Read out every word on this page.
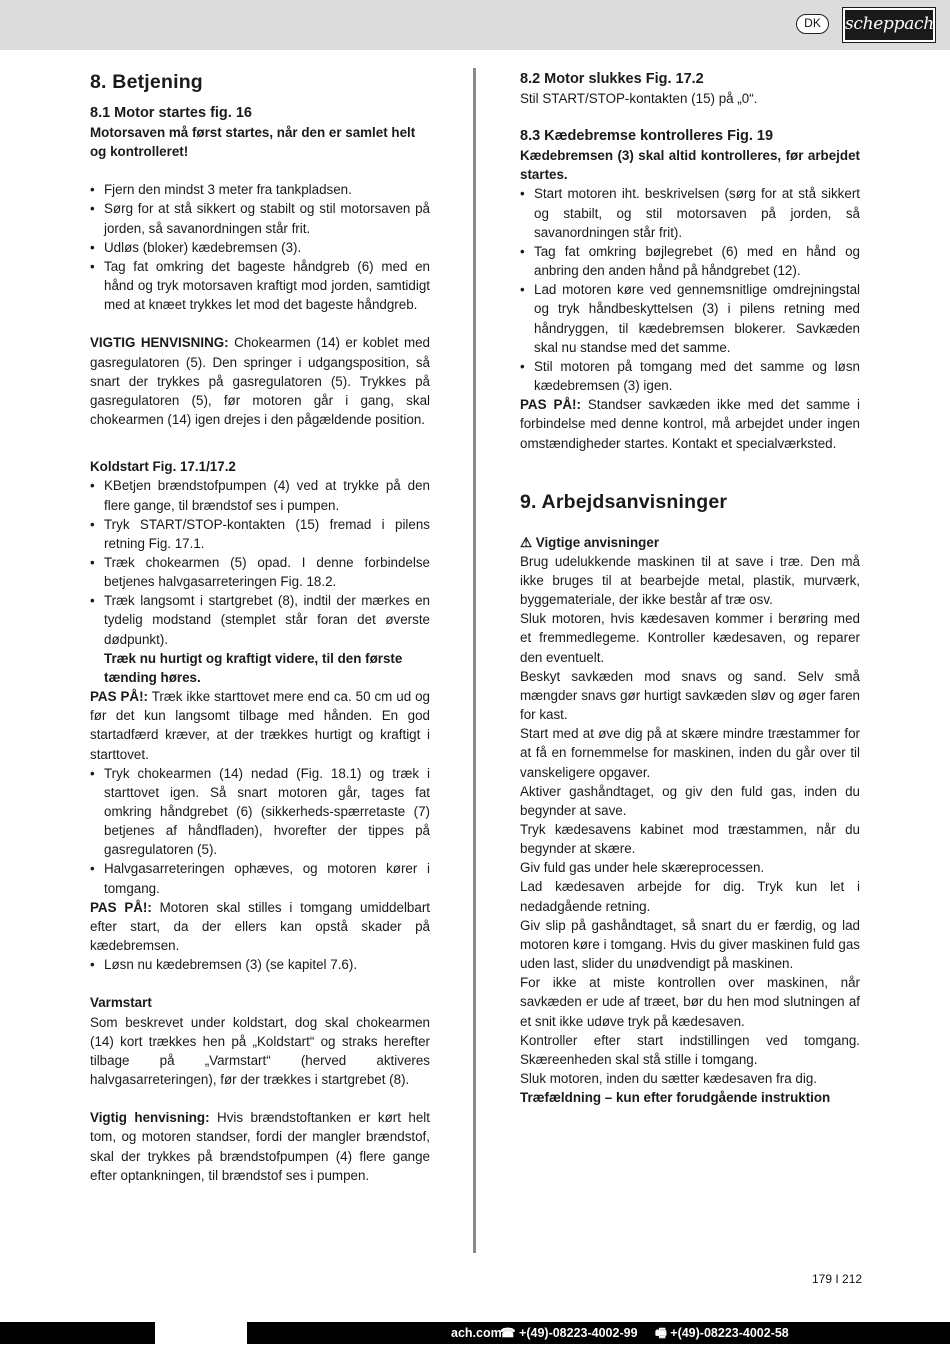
DK	scheppach
8. Betjening
8.1 Motor startes fig. 16
Motorsaven må først startes, når den er samlet helt og kontrolleret!
• Fjern den mindst 3 meter fra tankpladsen.
• Sørg for at stå sikkert og stabilt og stil motorsaven på jorden, så savanordningen står frit.
• Udløs (bloker) kædebremsen (3).
• Tag fat omkring det bageste håndgreb (6) med en hånd og tryk motorsaven kraftigt mod jorden, samtidigt med at knæet trykkes let mod det bageste håndgreb.
VIGTIG HENVISNING: Chokearmen (14) er koblet med gasregulatoren (5). Den springer i udgangsposition, så snart der trykkes på gasregulatoren (5). Trykkes på gasregulatoren (5), før motoren går i gang, skal chokearmen (14) igen drejes i den pågældende position.
Koldstart Fig. 17.1/17.2
• KBetjen brændstofpumpen (4) ved at trykke på den flere gange, til brændstof ses i pumpen.
• Tryk START/STOP-kontakten (15) fremad i pilens retning Fig. 17.1.
• Træk chokearmen (5) opad. I denne forbindelse betjenes halvgasarreteringen Fig. 18.2.
• Træk langsomt i startgrebet (8), indtil der mærkes en tydelig modstand (stemplet står foran det øverste dødpunkt).
Træk nu hurtigt og kraftigt videre, til den første tænding høres.
PAS PÅ!: Træk ikke starttovet mere end ca. 50 cm ud og før det kun langsomt tilbage med hånden. En god startadfærd kræver, at der trækkes hurtigt og kraftigt i starttovet.
• Tryk chokearmen (14) nedad (Fig. 18.1) og træk i starttovet igen. Så snart motoren går, tages fat omkring håndgrebet (6) (sikkerheds-spærretaste (7) betjenes af håndfladen), hvorefter der tippes på gasregulatoren (5).
• Halvgasarreteringen ophæves, og motoren kører i tomgang.
PAS PÅ!: Motoren skal stilles i tomgang umiddelbart efter start, da der ellers kan opstå skader på kædebremsen.
• Løsn nu kædebremsen (3) (se kapitel 7.6).
Varmstart
Som beskrevet under koldstart, dog skal chokearmen (14) kort trækkes hen på „Koldstart“ og straks herefter tilbage på „Varmstart“ (herved aktiveres halvgasarreteringen), før der trækkes i startgrebet (8).
Vigtig henvisning: Hvis brændstoftanken er kørt helt tom, og motoren standser, fordi der mangler brændstof, skal der trykkes på brændstofpumpen (4) flere gange efter optankningen, til brændstof ses i pumpen.
8.2 Motor slukkes Fig. 17.2
Stil START/STOP-kontakten (15) på „0“.
8.3 Kædebremse kontrolleres Fig. 19
Kædebremsen (3) skal altid kontrolleres, før arbejdet startes.
• Start motoren iht. beskrivelsen (sørg for at stå sikkert og stabilt, og stil motorsaven på jorden, så savanordningen står frit).
• Tag fat omkring bøjlegrebet (6) med en hånd og anbring den anden hånd på håndgrebet (12).
• Lad motoren køre ved gennemsnitlige omdrejningstal og tryk håndbeskyttelsen (3) i pilens retning med håndryggen, til kædebremsen blokerer. Savkæden skal nu standse med det samme.
• Stil motoren på tomgang med det samme og løsn kædebremsen (3) igen.
PAS PÅ!: Standser savkæden ikke med det samme i forbindelse med denne kontrol, må arbejdet under ingen omstændigheder startes. Kontakt et specialværksted.
9. Arbejdsanvisninger
⚠ Vigtige anvisninger
Brug udelukkende maskinen til at save i træ. Den må ikke bruges til at bearbejde metal, plastik, murværk, byggemateriale, der ikke består af træ osv.
Sluk motoren, hvis kædesaven kommer i berøring med et fremmedlegeme. Kontroller kædesaven, og reparer den eventuelt.
Beskyt savkæden mod snavs og sand. Selv små mængder snavs gør hurtigt savkæden sløv og øger faren for kast.
Start med at øve dig på at skære mindre træstammer for at få en fornemmelse for maskinen, inden du går over til vanskeligere opgaver.
Aktiver gashåndtaget, og giv den fuld gas, inden du begynder at save.
Tryk kædesavens kabinet mod træstammen, når du begynder at skære.
Giv fuld gas under hele skæreprocessen.
Lad kædesaven arbejde for dig. Tryk kun let i nedadgående retning.
Giv slip på gashåndtaget, så snart du er færdig, og lad motoren køre i tomgang. Hvis du giver maskinen fuld gas uden last, slider du unødvendigt på maskinen.
For ikke at miste kontrollen over maskinen, når savkæden er ude af træet, bør du hen mod slutningen af et snit ikke udøve tryk på kædesaven.
Kontroller efter start indstillingen ved tomgang. Skæreenheden skal stå stille i tomgang.
Sluk motoren, inden du sætter kædesaven fra dig.
Træfældning – kun efter forudgående instruktion
179 I 212
ach.com
☎ +(49)-08223-4002-99 🖷 +(49)-08223-4002-58
